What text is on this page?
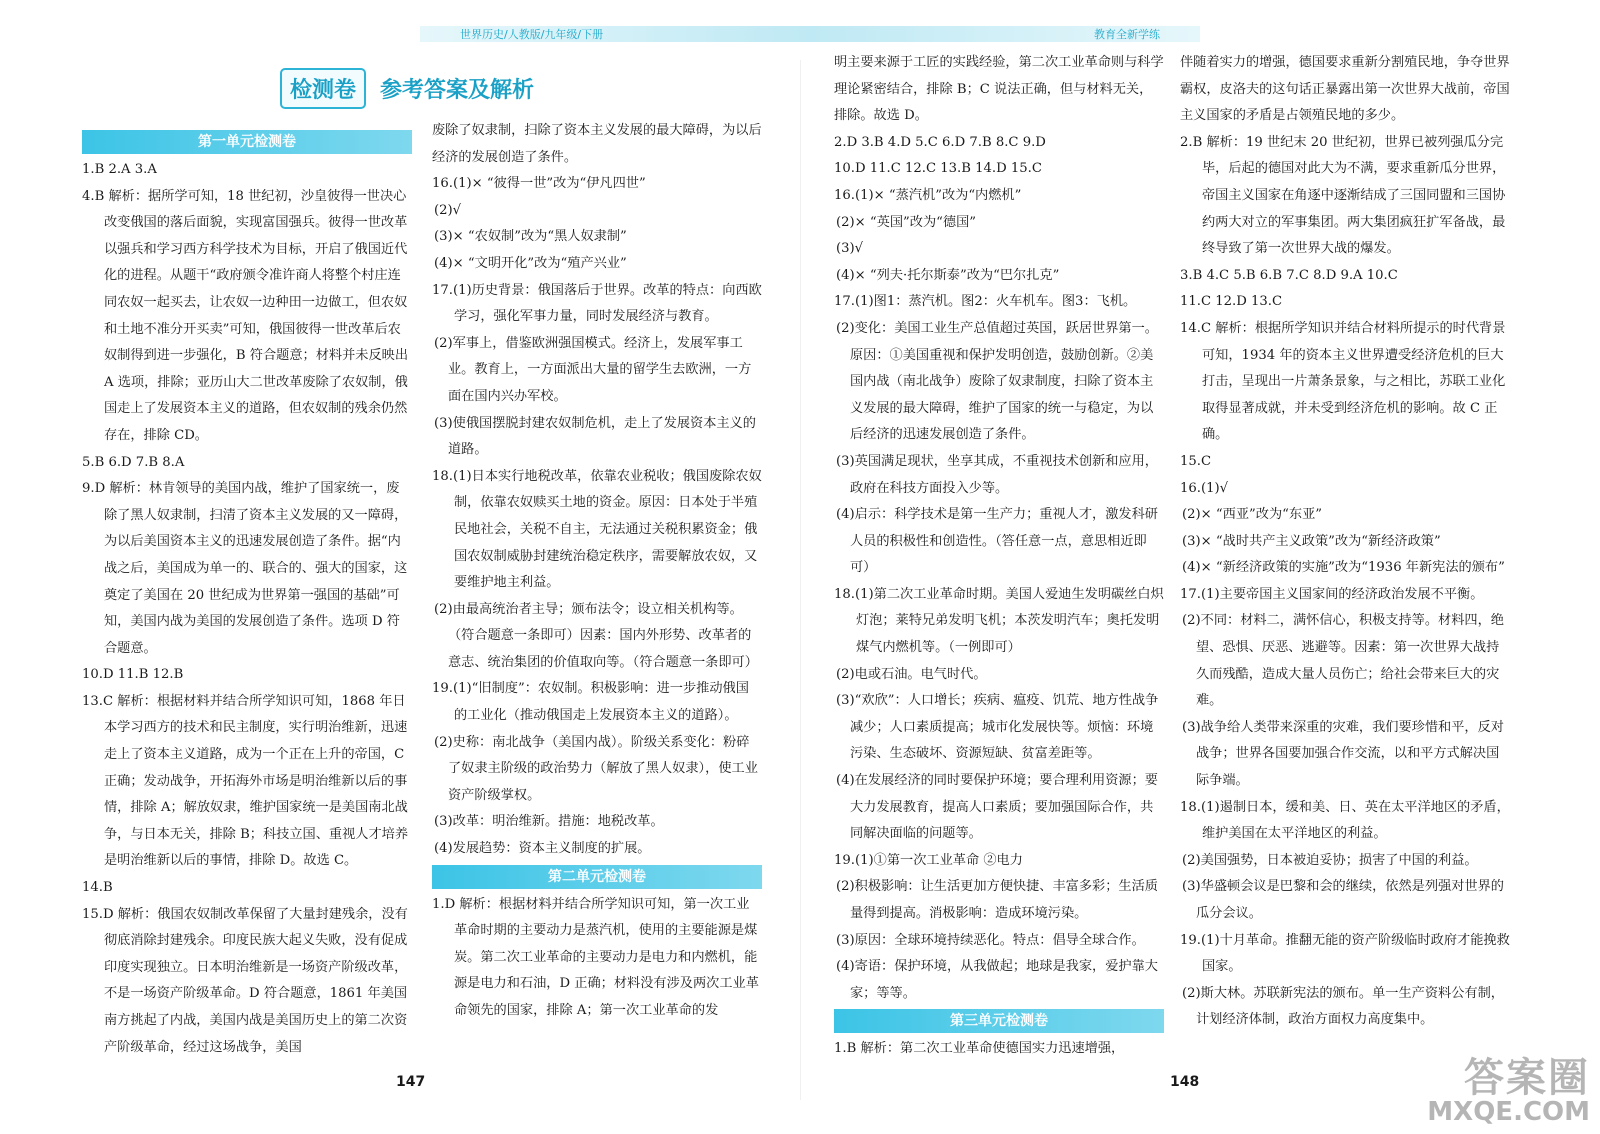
世界历史/人教版/九年级/下册	教育全新学练
检测卷	参考答案及解析
第一单元检测卷

1.B 2.A 3.A

4.B 解析：据所学可知，18 世纪初，沙皇彼得一世决心改变俄国的落后面貌，实现富国强兵。彼得一世改革以强兵和学习西方科学技术为目标，开启了俄国近代化的进程。从题干“政府颁令准许商人将整个村庄连同农奴一起买去，让农奴一边种田一边做工，但农奴和土地不准分开买卖”可知，俄国彼得一世改革后农奴制得到进一步强化，B 符合题意；材料并未反映出 A 选项，排除；亚历山大二世改革废除了农奴制，俄国走上了发展资本主义的道路，但农奴制的残余仍然存在，排除 CD。

5.B 6.D 7.B 8.A

9.D 解析：林肯领导的美国内战，维护了国家统一，废除了黑人奴隶制，扫清了资本主义发展的又一障碍，为以后美国资本主义的迅速发展创造了条件。据“内战之后，美国成为单一的、联合的、强大的国家，这奠定了美国在 20 世纪成为世界第一强国的基础”可知，美国内战为美国的发展创造了条件。选项 D 符合题意。

10.D 11.B 12.B

13.C 解析：根据材料并结合所学知识可知，1868 年日本学习西方的技术和民主制度，实行明治维新，迅速走上了资本主义道路，成为一个正在上升的帝国，C 正确；发动战争，开拓海外市场是明治维新以后的事情，排除 A；解放奴隶，维护国家统一是美国南北战争，与日本无关，排除 B；科技立国、重视人才培养是明治维新以后的事情，排除 D。故选 C。

14.B

15.D 解析：俄国农奴制改革保留了大量封建残余，没有彻底消除封建残余。印度民族大起义失败，没有促成印度实现独立。日本明治维新是一场资产阶级改革，不是一场资产阶级革命。D 符合题意，1861 年美国南方挑起了内战，美国内战是美国历史上的第二次资产阶级革命，经过这场战争，美国

废除了奴隶制，扫除了资本主义发展的最大障碍，为以后经济的发展创造了条件。

16.(1)× “彼得一世”改为“伊凡四世”

(2)√

(3)× “农奴制”改为“黑人奴隶制”

(4)× “文明开化”改为“殖产兴业”

17.(1)历史背景：俄国落后于世界。改革的特点：向西欧学习，强化军事力量，同时发展经济与教育。

(2)军事上，借鉴欧洲强国模式。经济上，发展军事工业。教育上，一方面派出大量的留学生去欧洲，一方面在国内兴办军校。

(3)使俄国摆脱封建农奴制危机，走上了发展资本主义的道路。

18.(1)日本实行地税改革，依靠农业税收；俄国废除农奴制，依靠农奴赎买土地的资金。原因：日本处于半殖民地社会，关税不自主，无法通过关税积累资金；俄国农奴制威胁封建统治稳定秩序，需要解放农奴，又要维护地主利益。

(2)由最高统治者主导；颁布法令；设立相关机构等。（符合题意一条即可）因素：国内外形势、改革者的意志、统治集团的价值取向等。（符合题意一条即可）

19.(1)“旧制度”：农奴制。积极影响：进一步推动俄国的工业化（推动俄国走上发展资本主义的道路）。

(2)史称：南北战争（美国内战）。阶级关系变化：粉碎了奴隶主阶级的政治势力（解放了黑人奴隶），使工业资产阶级掌权。

(3)改革：明治维新。措施：地税改革。

(4)发展趋势：资本主义制度的扩展。

第二单元检测卷

1.D 解析：根据材料并结合所学知识可知，第一次工业革命时期的主要动力是蒸汽机，使用的主要能源是煤炭。第二次工业革命的主要动力是电力和内燃机，能源是电力和石油，D 正确；材料没有涉及两次工业革命领先的国家，排除 A；第一次工业革命的发

明主要来源于工匠的实践经验，第二次工业革命则与科学理论紧密结合，排除 B；C 说法正确，但与材料无关，排除。故选 D。

2.D 3.B 4.D 5.C 6.D 7.B 8.C 9.D

10.D 11.C 12.C 13.B 14.D 15.C

16.(1)× “蒸汽机”改为“内燃机”

(2)× “英国”改为“德国”

(3)√

(4)× “列夫·托尔斯泰”改为“巴尔扎克”

17.(1)图1：蒸汽机。图2：火车机车。图3：飞机。

(2)变化：美国工业生产总值超过英国，跃居世界第一。原因：①美国重视和保护发明创造，鼓励创新。②美国内战（南北战争）废除了奴隶制度，扫除了资本主义发展的最大障碍，维护了国家的统一与稳定，为以后经济的迅速发展创造了条件。

(3)英国满足现状，坐享其成，不重视技术创新和应用，政府在科技方面投入少等。

(4)启示：科学技术是第一生产力；重视人才，激发科研人员的积极性和创造性。（答任意一点，意思相近即可）

18.(1)第二次工业革命时期。美国人爱迪生发明碳丝白炽灯泡；莱特兄弟发明飞机；本茨发明汽车；奥托发明煤气内燃机等。（一例即可）

(2)电或石油。电气时代。

(3)“欢欣”：人口增长；疾病、瘟疫、饥荒、地方性战争减少；人口素质提高；城市化发展快等。烦恼：环境污染、生态破坏、资源短缺、贫富差距等。

(4)在发展经济的同时要保护环境；要合理利用资源；要大力发展教育，提高人口素质；要加强国际合作，共同解决面临的问题等。

19.(1)①第一次工业革命 ②电力

(2)积极影响：让生活更加方便快捷、丰富多彩；生活质量得到提高。消极影响：造成环境污染。

(3)原因：全球环境持续恶化。特点：倡导全球合作。

(4)寄语：保护环境，从我做起；地球是我家，爱护靠大家；等等。

第三单元检测卷

1.B 解析：第二次工业革命使德国实力迅速增强，

伴随着实力的增强，德国要求重新分割殖民地，争夺世界霸权，皮洛夫的这句话正暴露出第一次世界大战前，帝国主义国家的矛盾是占领殖民地的多少。

2.B 解析：19 世纪末 20 世纪初，世界已被列强瓜分完毕，后起的德国对此大为不满，要求重新瓜分世界，帝国主义国家在角逐中逐渐结成了三国同盟和三国协约两大对立的军事集团。两大集团疯狂扩军备战，最终导致了第一次世界大战的爆发。

3.B 4.C 5.B 6.B 7.C 8.D 9.A 10.C

11.C 12.D 13.C

14.C 解析：根据所学知识并结合材料所提示的时代背景可知，1934 年的资本主义世界遭受经济危机的巨大打击，呈现出一片萧条景象，与之相比，苏联工业化取得显著成就，并未受到经济危机的影响。故 C 正确。

15.C

16.(1)√

(2)× “西亚”改为“东亚”

(3)× “战时共产主义政策”改为“新经济政策”

(4)× “新经济政策的实施”改为“1936 年新宪法的颁布”

17.(1)主要帝国主义国家间的经济政治发展不平衡。

(2)不同：材料二，满怀信心，积极支持等。材料四，绝望、恐惧、厌恶、逃避等。因素：第一次世界大战持久而残酷，造成大量人员伤亡；给社会带来巨大的灾难。

(3)战争给人类带来深重的灾难，我们要珍惜和平，反对战争；世界各国要加强合作交流，以和平方式解决国际争端。

18.(1)遏制日本，缓和美、日、英在太平洋地区的矛盾，维护美国在太平洋地区的利益。

(2)美国强势，日本被迫妥协；损害了中国的利益。

(3)华盛顿会议是巴黎和会的继续，依然是列强对世界的瓜分会议。

19.(1)十月革命。推翻无能的资产阶级临时政府才能挽救国家。

(2)斯大林。苏联新宪法的颁布。单一生产资料公有制，计划经济体制，政治方面权力高度集中。

147	148	答案圈
MXQE.COM
